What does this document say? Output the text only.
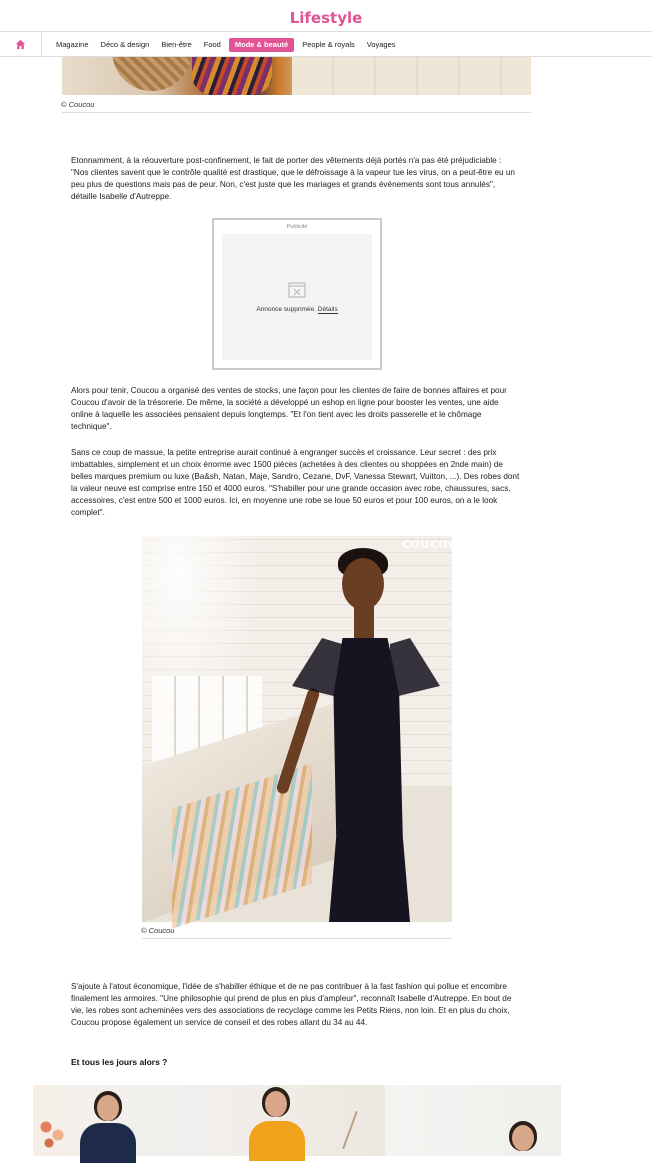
Lifestyle
Magazine	Déco & design	Bien-être	Food	Mode & beauté	People & royals	Voyages
© Coucou

Etonnamment, à la réouverture post-confinement, le fait de porter des vêtements déjà portés n'a pas été préjudiciable : "Nos clientes savent que le contrôle qualité est drastique, que le défroissage à la vapeur tue les virus, on a peut-être eu un peu plus de questions mais pas de peur. Non, c'est juste que les mariages et grands événements sont tous annulés", détaille Isabelle d'Autreppe.

Publicité
Annonce supprimée. Détails

Alors pour tenir, Coucou a organisé des ventes de stocks, une façon pour les clientes de faire de bonnes affaires et pour Coucou d'avoir de la trésorerie. De même, la société a développé un eshop en ligne pour booster les ventes, une aide online à laquelle les associées pensaient depuis longtemps. "Et l'on tient avec les droits passerelle et le chômage technique".

Sans ce coup de massue, la petite entreprise aurait continué à engranger succès et croissance. Leur secret : des prix imbattables, simplement et un choix énorme avec 1500 pièces (achetées à des clientes ou shoppées en 2nde main) de belles marques premium ou luxe (Ba&sh, Natan, Maje, Sandro, Cezane, DvF, Vanessa Stewart, Vuitton, ...). Des robes dont la valeur neuve est comprise entre 150 et 4000 euros. "S'habiller pour une grande occasion avec robe, chaussures, sacs, accessoires, c'est entre 500 et 1000 euros. Ici, en moyenne une robe se loue 50 euros et pour 100 euros, on a le look complet".

coucou
© Coucou

S'ajoute à l'atout économique, l'idée de s'habiller éthique et de ne pas contribuer à la fast fashion qui pollue et encombre finalement les armoires. "Une philosophie qui prend de plus en plus d'ampleur", reconnaît Isabelle d'Autreppe. En bout de vie, les robes sont acheminées vers des associations de recyclage comme les Petits Riens, non loin. Et en plus du choix, Coucou propose également un service de conseil et des robes allant du 34 au 44.

Et tous les jours alors ?
